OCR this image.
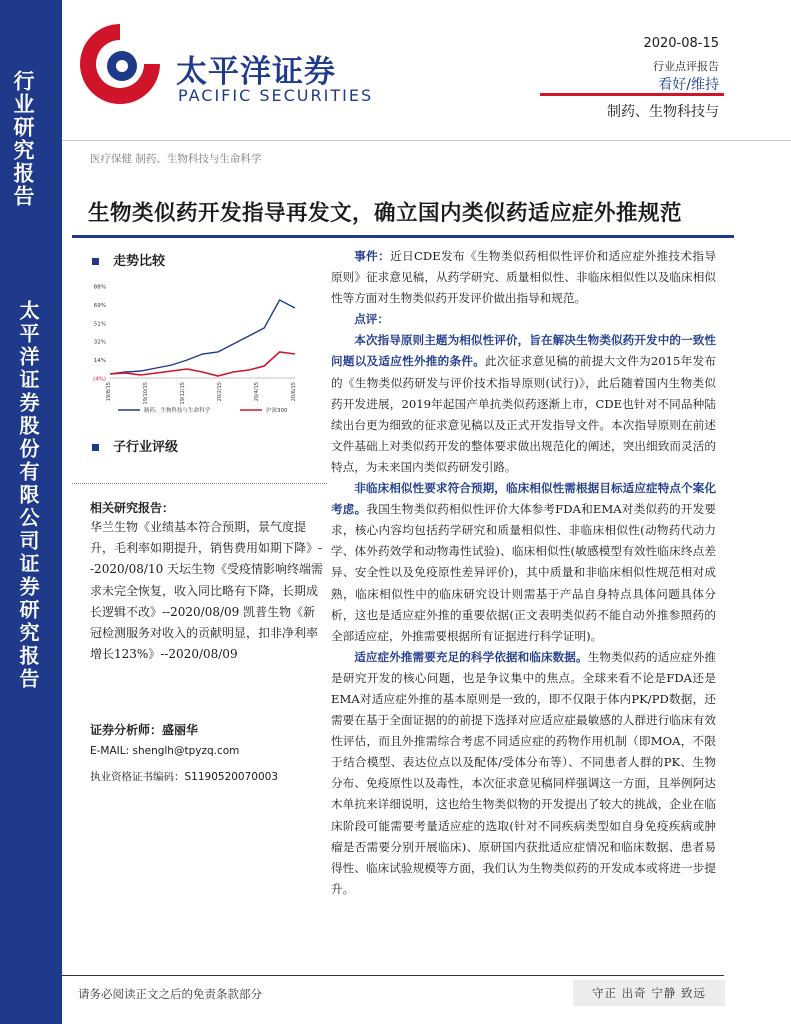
行业研究报告
太平洋证券股份有限公司证券研究报告
太平洋证券
PACIFIC SECURITIES
2020-08-15
行业点评报告
看好/维持
制药、生物科技与
医疗保健 制药、生物科技与生命科学
生物类似药开发指导再发文，确立国内类似药适应症外推规范
走势比较
88%
69%
51%
32%
14%
(4%)
19/8/15	19/10/15	19/12/15	20/2/15	20/4/15	20/6/15
制药、生物科技与生命科学	沪深300
子行业评级
相关研究报告：
华兰生物《业绩基本符合预期，景气度提升，毛利率如期提升，销售费用如期下降》--2020/08/10 天坛生物《受疫情影响终端需求未完全恢复，收入同比略有下降，长期成长逻辑不改》--2020/08/09 凯普生物《新冠检测服务对收入的贡献明显，扣非净利率增长123%》--2020/08/09
证券分析师：盛丽华
E-MAIL: shenglh@tpyzq.com
执业资格证书编码：S1190520070003

事件：近日CDE发布《生物类似药相似性评价和适应症外推技术指导原则》征求意见稿，从药学研究、质量相似性、非临床相似性以及临床相似性等方面对生物类似药开发评价做出指导和规范。

点评：

本次指导原则主题为相似性评价，旨在解决生物类似药开发中的一致性问题以及适应性外推的条件。此次征求意见稿的前提大文件为2015年发布的《生物类似药研发与评价技术指导原则(试行)》，此后随着国内生物类似药开发进展，2019年起国产单抗类似药逐渐上市，CDE也针对不同品种陆续出台更为细致的征求意见稿以及正式开发指导文件。本次指导原则在前述文件基础上对类似药开发的整体要求做出规范化的阐述，突出细致而灵活的特点，为未来国内类似药研发引路。

非临床相似性要求符合预期，临床相似性需根据目标适应症特点个案化考虑。我国生物类似药相似性评价大体参考FDA和EMA对类似药的开发要求，核心内容均包括药学研究和质量相似性、非临床相似性(动物药代动力学、体外药效学和动物毒性试验)、临床相似性(敏感模型有效性临床终点差异、安全性以及免疫原性差异评价)，其中质量和非临床相似性规范相对成熟，临床相似性中的临床研究设计则需基于产品自身特点具体问题具体分析，这也是适应症外推的重要依据(正文表明类似药不能自动外推参照药的全部适应症，外推需要根据所有证据进行科学证明)。

适应症外推需要充足的科学依据和临床数据。生物类似药的适应症外推是研究开发的核心问题，也是争议集中的焦点。全球来看不论是FDA还是EMA对适应症外推的基本原则是一致的，即不仅限于体内PK/PD数据，还需要在基于全面证据的的前提下选择对应适应症最敏感的人群进行临床有效性评估，而且外推需综合考虑不同适应症的药物作用机制（即MOA，不限于结合模型、表达位点以及配体/受体分布等）、不同患者人群的PK、生物分布、免疫原性以及毒性，本次征求意见稿同样强调这一方面，且举例阿达木单抗来详细说明，这也给生物类似物的开发提出了较大的挑战，企业在临床阶段可能需要考量适应症的选取(针对不同疾病类型如自身免疫疾病或肿瘤是否需要分别开展临床)、原研国内获批适应症情况和临床数据、患者易得性、临床试验规模等方面，我们认为生物类似药的开发成本或将进一步提升。

请务必阅读正文之后的免责条款部分	守正 出奇 宁静 致远
